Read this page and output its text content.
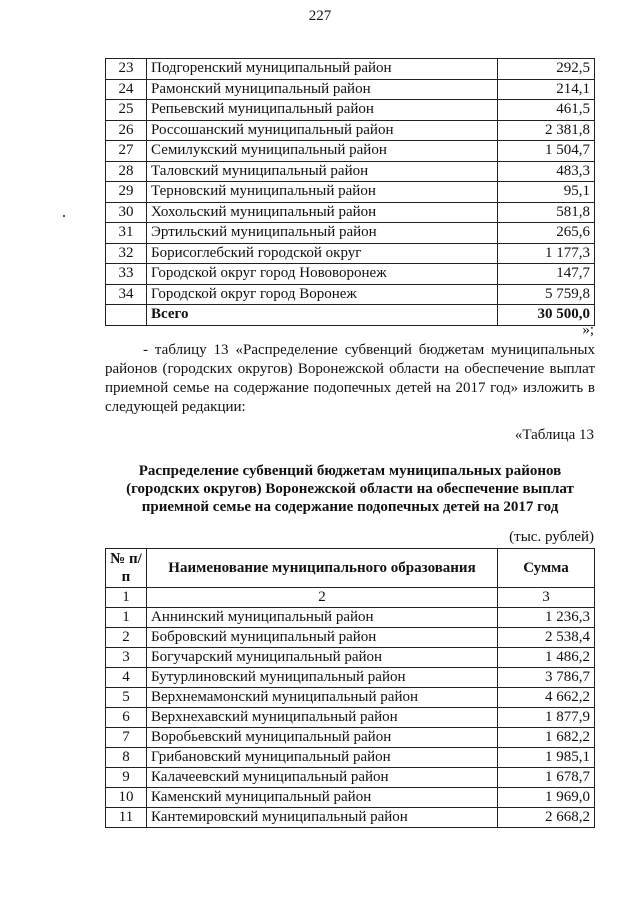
227
23	Подгоренский муниципальный район	292,5
24	Рамонский муниципальный район	214,1
25	Репьевский муниципальный район	461,5
26	Россошанский муниципальный район	2 381,8
27	Семилукский муниципальный район	1 504,7
28	Таловский муниципальный район	483,3
29	Терновский муниципальный район	95,1
30	Хохольский муниципальный район	581,8
31	Эртильский муниципальный район	265,6
32	Борисоглебский городской округ	1 177,3
33	Городской округ город Нововоронеж	147,7
34	Городской округ город Воронеж	5 759,8
	Всего	30 500,0
»;

- таблицу 13 «Распределение субвенций бюджетам муниципальных районов (городских округов) Воронежской области на обеспечение выплат приемной семье на содержание подопечных детей на 2017 год» изложить в следующей редакции:

«Таблица 13
Распределение субвенций бюджетам муниципальных районов (городских округов) Воронежской области на обеспечение выплат приемной семье на содержание подопечных детей на 2017 год
(тыс. рублей)
№ п/п	Наименование муниципального образования	Сумма
1	2	3
1	Аннинский муниципальный район	1 236,3
2	Бобровский муниципальный район	2 538,4
3	Богучарский муниципальный район	1 486,2
4	Бутурлиновский муниципальный район	3 786,7
5	Верхнемамонский муниципальный район	4 662,2
6	Верхнехавский муниципальный район	1 877,9
7	Воробьевский муниципальный район	1 682,2
8	Грибановский муниципальный район	1 985,1
9	Калачеевский муниципальный район	1 678,7
10	Каменский муниципальный район	1 969,0
11	Кантемировский муниципальный район	2 668,2
